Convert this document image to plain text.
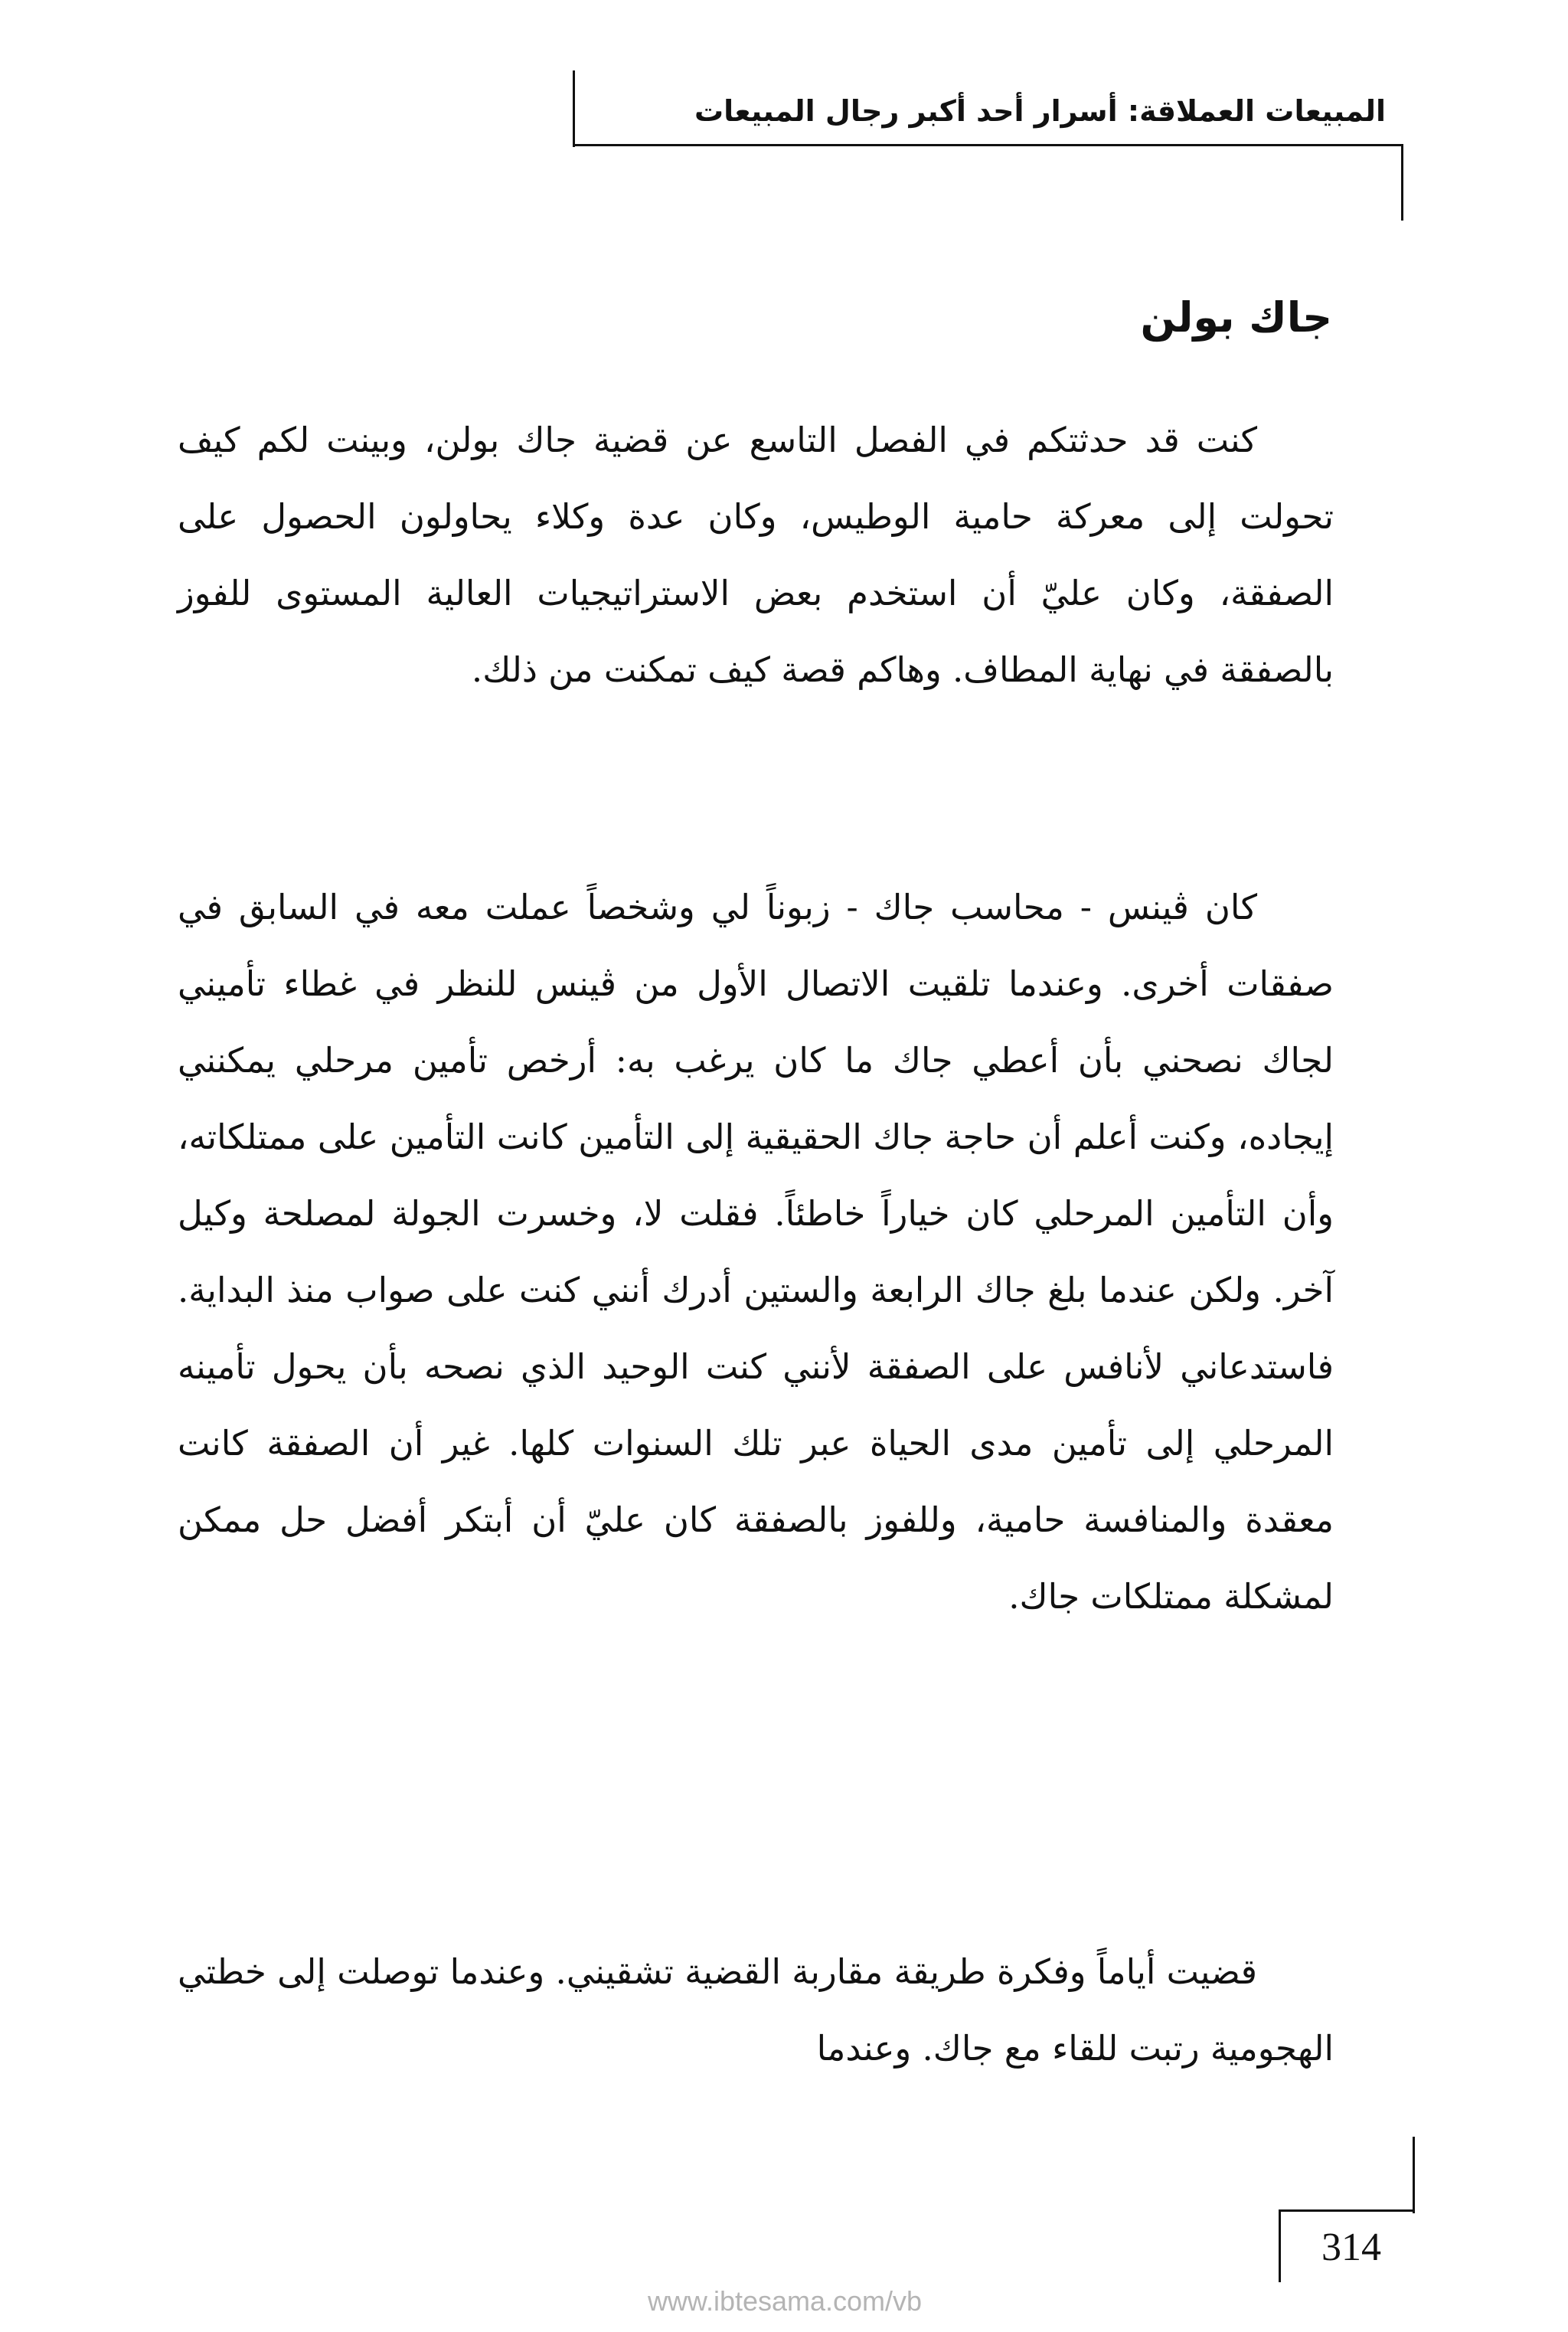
المبيعات العملاقة: أسرار أحد أكبر رجال المبيعات
جاك بولن

كنت قد حدثتكم في الفصل التاسع عن قضية جاك بولن، وبينت لكم كيف تحولت إلى معركة حامية الوطيس، وكان عدة وكلاء يحاولون الحصول على الصفقة، وكان عليّ أن استخدم بعض الاستراتيجيات العالية المستوى للفوز بالصفقة في نهاية المطاف. وهاكم قصة كيف تمكنت من ذلك.

كان ڤينس - محاسب جاك - زبوناً لي وشخصاً عملت معه في السابق في صفقات أخرى. وعندما تلقيت الاتصال الأول من ڤينس للنظر في غطاء تأميني لجاك نصحني بأن أعطي جاك ما كان يرغب به: أرخص تأمين مرحلي يمكنني إيجاده، وكنت أعلم أن حاجة جاك الحقيقية إلى التأمين كانت التأمين على ممتلكاته، وأن التأمين المرحلي كان خياراً خاطئاً. فقلت لا، وخسرت الجولة لمصلحة وكيل آخر. ولكن عندما بلغ جاك الرابعة والستين أدرك أنني كنت على صواب منذ البداية. فاستدعاني لأنافس على الصفقة لأنني كنت الوحيد الذي نصحه بأن يحول تأمينه المرحلي إلى تأمين مدى الحياة عبر تلك السنوات كلها. غير أن الصفقة كانت معقدة والمنافسة حامية، وللفوز بالصفقة كان عليّ أن أبتكر أفضل حل ممكن لمشكلة ممتلكات جاك.

قضيت أياماً وفكرة طريقة مقاربة القضية تشقيني. وعندما توصلت إلى خطتي الهجومية رتبت للقاء مع جاك. وعندما

314
www.ibtesama.com/vb
